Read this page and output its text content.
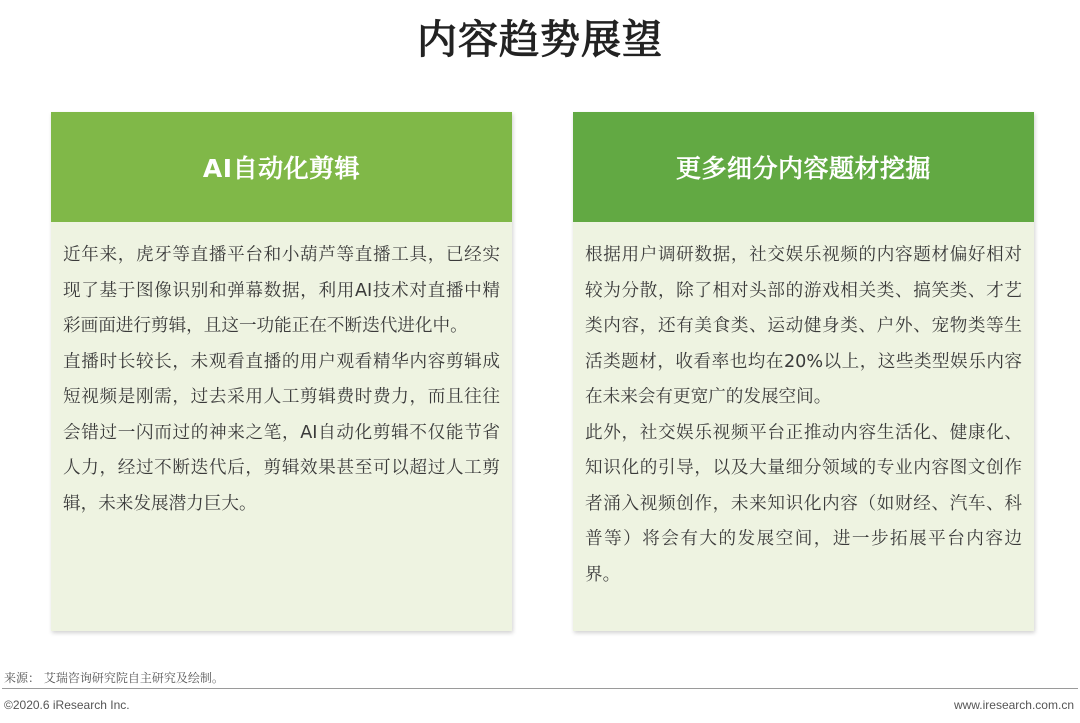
内容趋势展望
AI自动化剪辑

近年来，虎牙等直播平台和小葫芦等直播工具，已经实现了基于图像识别和弹幕数据，利用AI技术对直播中精彩画面进行剪辑，且这一功能正在不断迭代进化中。

直播时长较长，未观看直播的用户观看精华内容剪辑成短视频是刚需，过去采用人工剪辑费时费力，而且往往会错过一闪而过的神来之笔，AI自动化剪辑不仅能节省人力，经过不断迭代后，剪辑效果甚至可以超过人工剪辑，未来发展潜力巨大。

更多细分内容题材挖掘

根据用户调研数据，社交娱乐视频的内容题材偏好相对较为分散，除了相对头部的游戏相关类、搞笑类、才艺类内容，还有美食类、运动健身类、户外、宠物类等生活类题材，收看率也均在20%以上，这些类型娱乐内容在未来会有更宽广的发展空间。

此外，社交娱乐视频平台正推动内容生活化、健康化、知识化的引导，以及大量细分领域的专业内容图文创作者涌入视频创作，未来知识化内容（如财经、汽车、科普等）将会有大的发展空间，进一步拓展平台内容边界。

来源： 艾瑞咨询研究院自主研究及绘制。
©2020.6 iResearch Inc.	www.iresearch.com.cn
